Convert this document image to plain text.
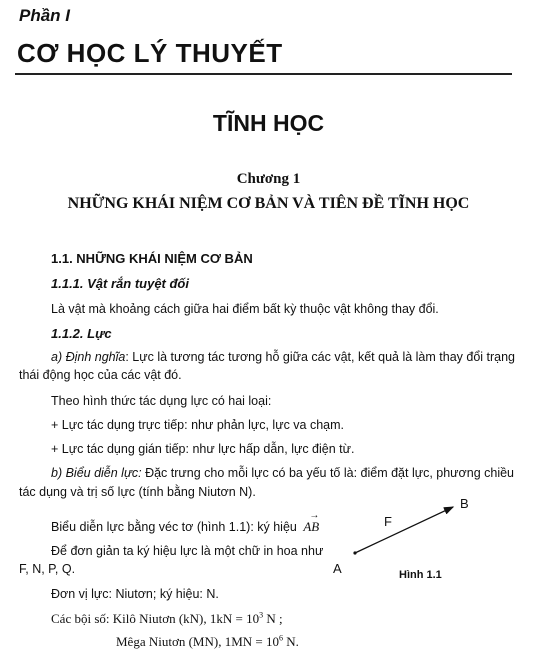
Phần I
CƠ HỌC LÝ THUYẾT
TĨNH HỌC
Chương 1
NHỮNG KHÁI NIỆM CƠ BẢN VÀ TIÊN ĐỀ TĨNH HỌC
1.1. NHỮNG KHÁI NIỆM CƠ BẢN
1.1.1. Vật rắn tuyệt đối
Là vật mà khoảng cách giữa hai điểm bất kỳ thuộc vật không thay đổi.
1.1.2. Lực
a) Định nghĩa: Lực là tương tác tương hỗ giữa các vật, kết quả là làm thay đổi trạng
thái động học của các vật đó.
Theo hình thức tác dụng lực có hai loại:
+ Lực tác dụng trực tiếp: như phản lực, lực va chạm.
+ Lực tác dụng gián tiếp: như lực hấp dẫn, lực điện từ.
b) Biểu diễn lực: Đặc trưng cho mỗi lực có ba yếu tố là: điểm đặt lực, phương chiều
tác dụng và trị số lực (tính bằng Niutơn N).
Biểu diễn lực bằng véc tơ (hình 1.1): ký hiệu
→
AB
Để đơn giản ta ký hiệu lực là một chữ in hoa như
F, N, P, Q.
Đơn vị lực: Niutơn; ký hiệu: N.
Các bội số: Kilô Niutơn (kN), $1kN = 10^3$ N ;
Mêga Niutơn (MN), $1MN = 10^6$ N.
A
B
F
Hình 1.1
